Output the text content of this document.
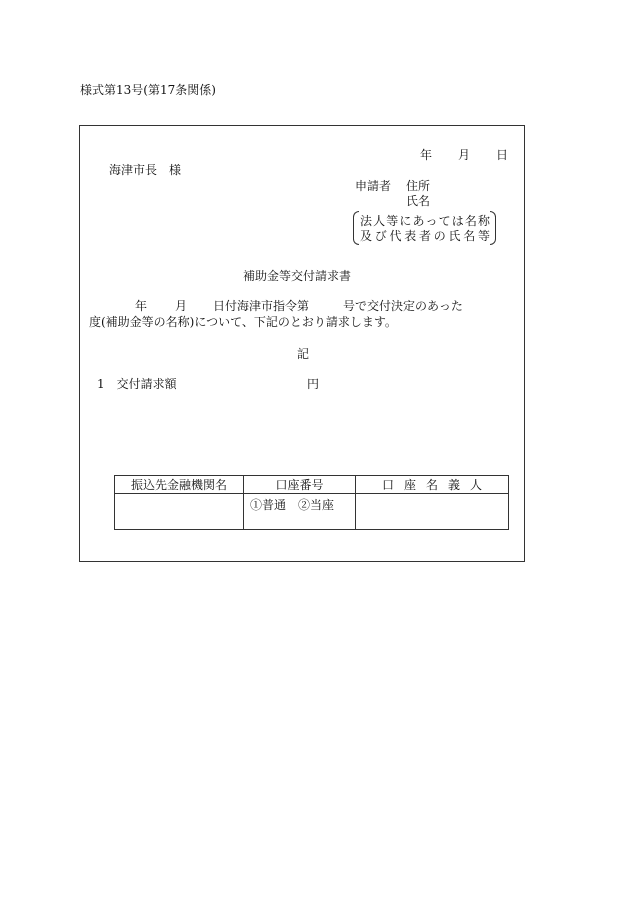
様式第13号(第17条関係)
年 月 日
海津市長　様
申請者 住所
氏名
法人等にあっては名称
及び代表者の氏名等
補助金等交付請求書
年 月 日付海津市指令第	号で交付決定のあった
度(補助金等の名称)について、下記のとおり請求します。
記
1　交付請求額	円
振込先金融機関名	口座番号	口座名義人
	①普通 ②当座	
